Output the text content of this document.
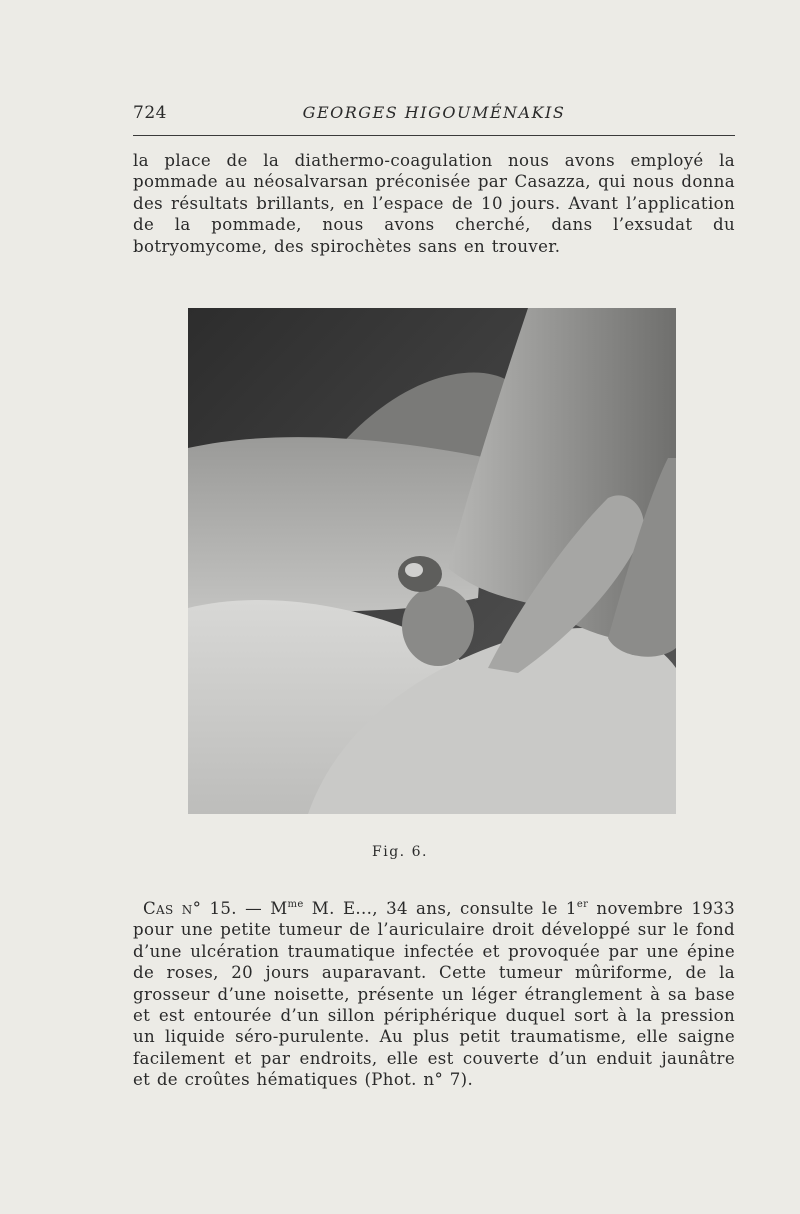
724	GEORGES HIGOUMÉNAKIS

la place de la diathermo-coagulation nous avons employé la pommade au néosalvarsan préconisée par Casazza, qui nous donna des résultats brillants, en l’espace de 10 jours. Avant l’application de la pommade, nous avons cherché, dans l’exsudat du botryomycome, des spirochètes sans en trouver.

Fig. 6.

Cas n° 15. — $M^{me}$ M. E..., 34 ans, consulte le 1er novembre 1933 pour une petite tumeur de l’auriculaire droit développé sur le fond d’une ulcération traumatique infectée et provoquée par une épine de roses, 20 jours auparavant. Cette tumeur mûriforme, de la grosseur d’une noisette, présente un léger étranglement à sa base et est entourée d’un sillon périphérique duquel sort à la pression un liquide séro-purulente. Au plus petit traumatisme, elle saigne facilement et par endroits, elle est couverte d’un enduit jaunâtre et de croûtes hématiques (Phot. n° 7).
